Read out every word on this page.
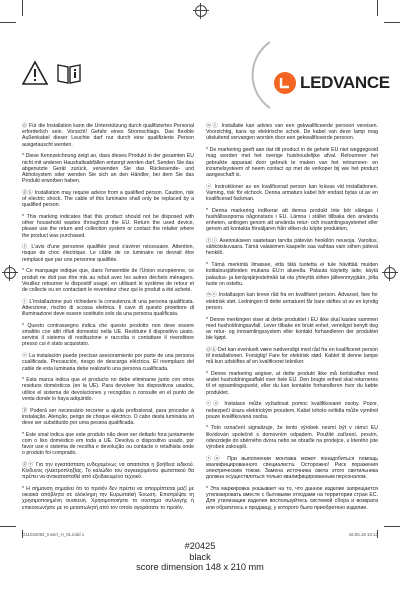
LEDVANCE

ⓓ Für die Installation kann die Unterstützung durch qualifiziertes Personal erforderlich sein. Vorsicht! Gefahr eines Stromschlags. Das flexible Außenkabel dieser Leuchte darf nur durch eine qualifizierte Person ausgetauscht werden.

* Diese Kennzeichnung zeigt an, dass dieses Produkt in der gesamten EU nicht mit anderen Haushaltsabfällen entsorgt werden darf. Senden Sie das abgenutzte Gerät zurück, verwenden Sie das Rückesende- und Abholsystem oder wenden Sie sich an den Händler, bei dem Sie das Produkt erworben haben.

ⓖⓑ Installation may require advice from a qualified person. Caution, risk of electric shock. The cable of this luminaire shall only be replaced by a qualified person.

* This marking indicates that this product should not be disposed with other household wastes throughout the EU. Return the used device, please use the return and collection system or contact the retailer where the product was purchased.

ⓕ L'avis d'une personne qualifiée peut s'avérer nécessaire. Attention, risque de choc électrique. Le câble de ce luminaire ne devrait être remplacé que par une personne qualifiée.

* Ce marquage indique que, dans l'ensemble de l'Union européenne, ce produit ne doit pas être mis au rebut avec les autres déchets ménagers. Veuillez retourner le dispositif usagé, en utilisant le système de retour et de collecte ou en contactant le revendeur chez qui le produit a été acheté.

ⓘ L'installazione può richiedere la consulenza di una persona qualificata. Attenzione, rischio di scossa elettrica. Il cavo di questo proiettore di illuminazione deve essere sostituito solo da una persona qualificata.

* Questo contrassegno indica che questo prodotto non deve essere smaltito con altri rifiuti domestici nella UE. Restituire il dispositivo usato, servirsi il sistema di restituzione e raccolta o contattare il rivenditore presso cui è stato acquistato.

ⓔ La instalación puede precisar asesoramiento por parte de una persona cualificada. Precaución, riesgo de descarga eléctrica. El reemplazo del cable de esta luminaria debe realizarlo una persona cualificada.

* Esta marca indica que el producto no debe eliminarse junto con otros residuos domésticos (en la UE). Para devolver los dispositivos usados, utilice el sistema de devoluciones y recogidas o consulte en el punto de venta donde lo haya adquirido.

ⓟ Poderá ser necessário recorrer a ajuda profissional, para proceder à instalação. Atenção, perigo de choque eléctrico. O cabo desta luminária só deve ser substituído por uma pessoa qualificada.

* Este sinal indica que este produto não deve ser deitado fora juntamente com o lixo doméstico em toda a UE. Devolva o dispositivo usado, por favor use o sistema de recolha e devolução ou contacte o retalhista onde o produto foi comprado.

ⓖⓡ Για την εγκατάσταση ενδεχομένως να απαιτείται η βοήθεια ειδικού. Κίνδυνος ηλεκτροπληξίας. Το καλώδιο του συγκεκριμένου φωτιστικού θα πρέπει να αντικατασταθεί από εξειδικευμένο τεχνικό.

* Η σήμανση σημαίνει ότι το προϊόν δεν πρέπει να απορρίπτεται μαζί με οικιακά απόβλητα σε ολόκληρη την Ευρωπαϊκή Ένωση. Επιστρέψτε τη χρησιμοποιημένη συσκευή. Χρησιμοποιήστε το σύστημα συλλογής ή επικοινωνήστε με το μεταπωλητή από τον οποίο αγοράσατε το προϊόν.

ⓝⓛ Installatie kan advies van een gekwalificeerde persoon vereisen. Voorzichtig, kans op elektrische schok. De kabel van deze lamp mag uitsluitend vervangen worden door een gekwalificeerde persoon.

* De markering geeft aan dat dit product in de gehele EU niet weggegooid mag worden met het overige huishoudelijke afval. Retourneer het gebruikte apparaat door gebruik te maken van het retourneer- en inzamelsysteem of neem contact op met de verkoper bij wie het product aangeschaft is.

ⓢ Instruktioner av en kvalificerad person kan krävas vid installationen. Varning, risk för elchock. Denna armaturs kabel bör endast bytas ut av en kvalificerad fackman.

* Denna markering indikerar att denna produkt inte bör slängas i hushållssoporna någonstans i EU. Lämna i stället tillbaka den använda enheten, antingen genom att använda retur- och insamlingssystemet eller genom att kontakta försäljaren från vilken du köpte produkten.

ⓕⓘ Asennukseen saatetaan tarvita pätevän henkilön neuvoja. Varoitus, sähköiskuvaara. Tämä valaisimen kaapelin saa vaihtaa vain siihen pätevä henkilö.

* Tämä merkintä ilmaisee, että tätä tuotetta ei tule hävittää muiden kotitalousjätteiden mukana EU:n alueella. Palauta käytetty laite, käytä palautus- ja keräysjärjestelmää tai ota yhteyttä siihen jälleenmyyjään, jolta tuote on ostettu.

ⓝⓞ Installasjon kan kreve råd fra en kvalifisert person. Advarsel, fare for elektrisk støt. Ledningen til dette armaturet får bare skiftes ut av en kyndig person.

* Denne merkingen viser at dette produktet i EU ikke skal kastes sammen med husholdningsavfall. Lever tilbake en brukt enhet, vennligst benytt deg av retur- og innsamlingssystem eller kontakt forhandleren der produktet ble kjøpt.

ⓓⓚ Det kan eventuelt være nødvendigt med råd fra en kvalificeret person til installationen. Forsigtig! Fare for elektrisk stød. Kablet til denne lampe må kun udskiftes af en kvalificeret tekniker.

* Denne markering angiver, at dette produkt ikke må bortskaffes med andet husholdningsaffald over hele EU. Den brugte enhed skal returneres til et opsamlingspunkt, eller du kan kontakte forhandleren hvor du købte produktet.

ⓒⓩ Instalace může vyžadovat pomoc kvalifikované osoby. Pozor, nebezpečí úrazu elektrickým proudem. Kabel tohoto svítidla může vyměnit pouze kvalifikovaná osoba.

* Toto označení signalizuje, že tento výrobek nesmí být v rámci EU likvidován společně s domovním odpadem. Použité zařízení, prosím, odevzdejte do sběrného dvora nebo se obraťte na prodejce, u kterého jste výrobek zakoupili.

ⓡⓤ При выполнении монтажа может понадобиться помощь квалифицированного специалиста. Осторожно! Риск поражения электрическим током. Замена источника света этого светильника должна осуществляться только квалифицированным персоналом.

* Эта маркировка указывает на то, что данное изделие запрещается утилизировать вместе с бытовыми отходами на территории стран ЕС. Для утилизации изделия воспользуйтесь системой сбора и возврата или обратитесь к продавцу, у которого было приобретено изделие.

G11042092_Insert_H_01.indd 1	16.05.18 10:13
#20425
black
score dimension 148 x 210 mm
